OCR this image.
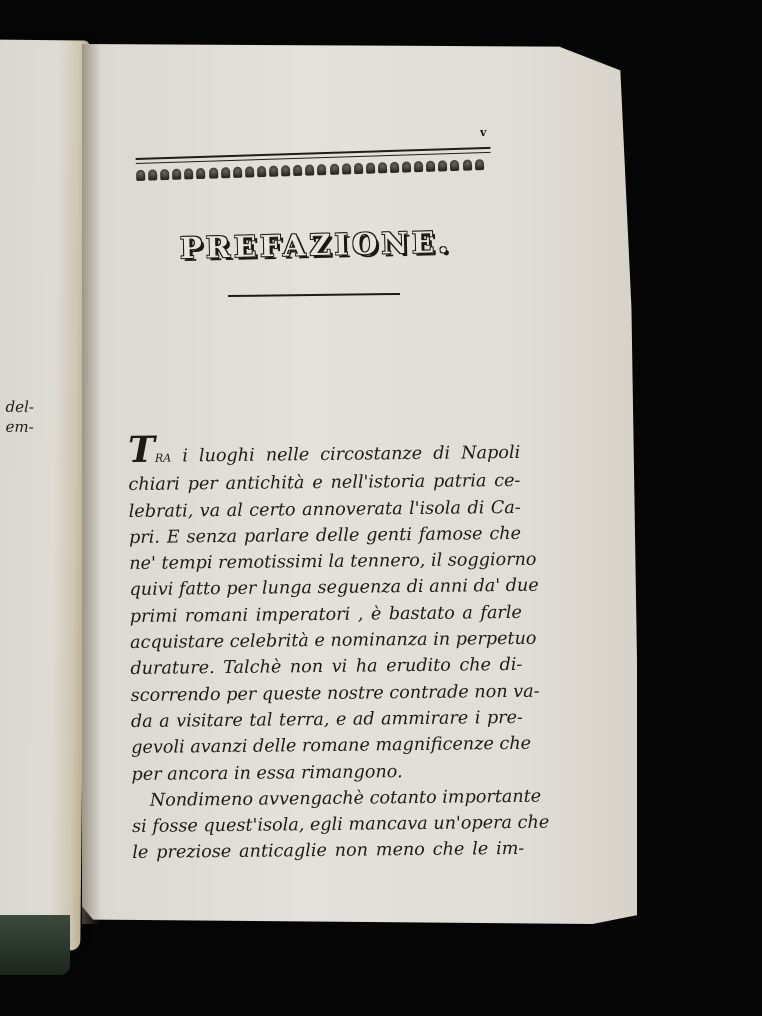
del-
em-
v
PREFAZIONE.
TRA i luoghi nelle circostanze di Napoli
chiari per antichità e nell'istoria patria ce-
lebrati, va al certo annoverata l'isola di Ca-
pri. E senza parlare delle genti famose che
ne' tempi remotissimi la tennero, il soggiorno
quivi fatto per lunga seguenza di anni da' due
primi romani imperatori , è bastato a farle
acquistare celebrità e nominanza in perpetuo
durature. Talchè non vi ha erudito che di-
scorrendo per queste nostre contrade non va-
da a visitare tal terra, e ad ammirare i pre-
gevoli avanzi delle romane magnificenze che
per ancora in essa rimangono.
Nondimeno avvengachè cotanto importante
si fosse quest'isola, egli mancava un'opera che
le preziose anticaglie non meno che le im-
